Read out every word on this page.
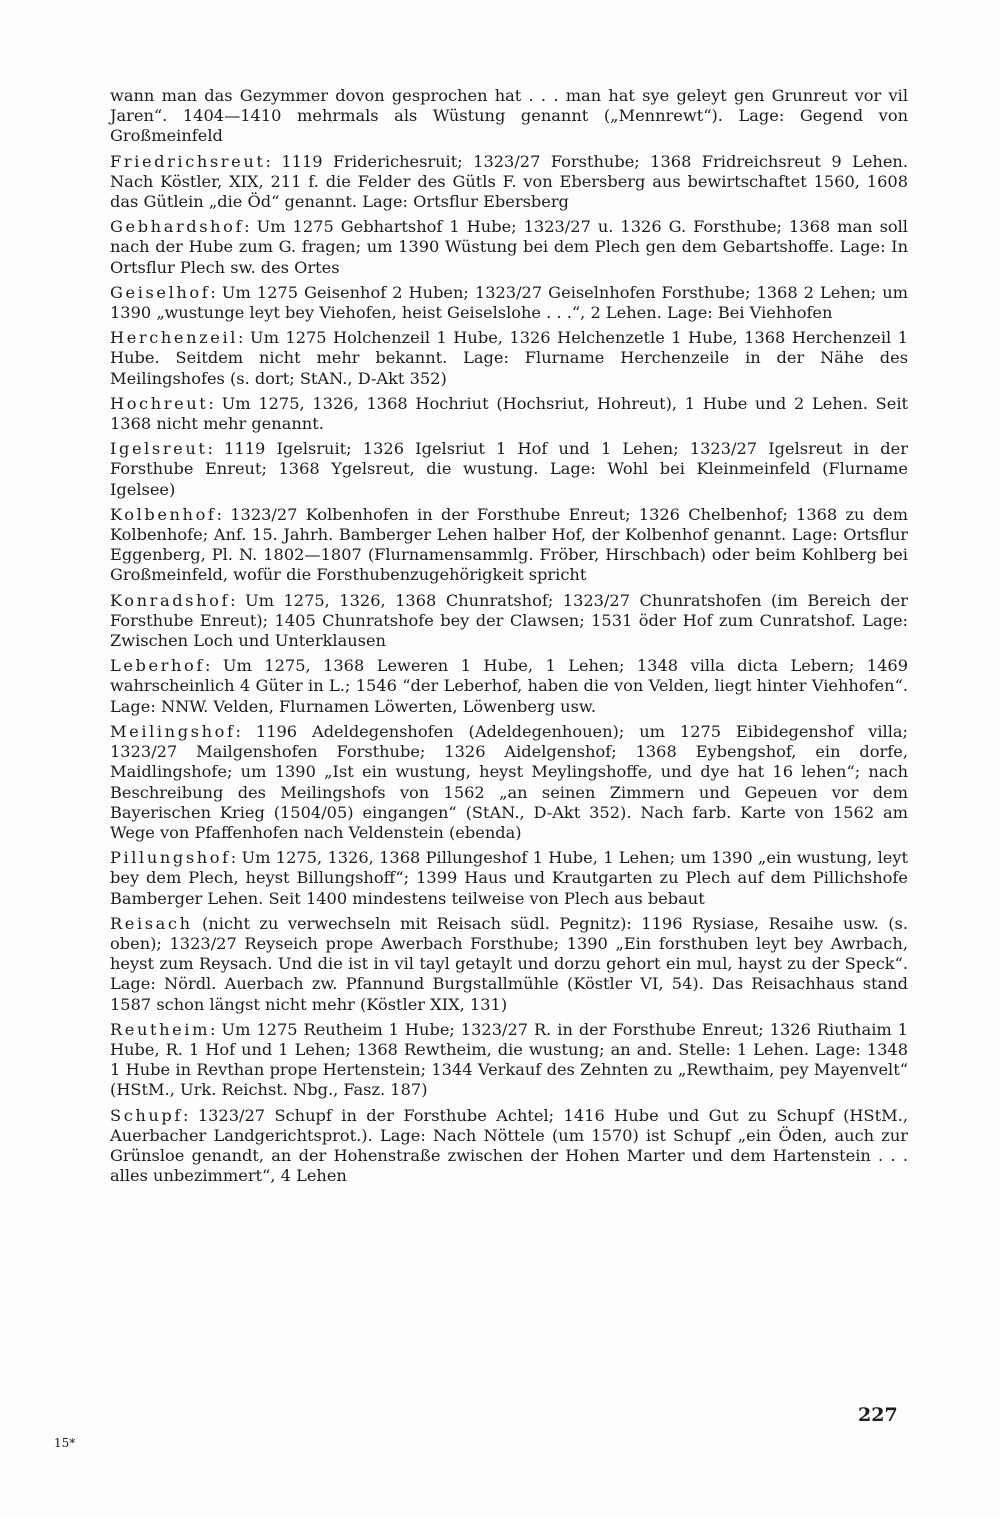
wann man das Gezymmer dovon gesprochen hat . . . man hat sye geleyt gen Grunreut vor vil Jaren“. 1404—1410 mehrmals als Wüstung genannt („Mennrewt“). Lage: Gegend von Großmeinfeld

Friedrichsreut: 1119 Friderichesruit; 1323/27 Forsthube; 1368 Fridreichsreut 9 Lehen. Nach Köstler, XIX, 211 f. die Felder des Gütls F. von Ebersberg aus bewirtschaftet 1560, 1608 das Gütlein „die Öd“ genannt. Lage: Ortsflur Ebersberg

Gebhardshof: Um 1275 Gebhartshof 1 Hube; 1323/27 u. 1326 G. Forsthube; 1368 man soll nach der Hube zum G. fragen; um 1390 Wüstung bei dem Plech gen dem Gebartshoffe. Lage: In Ortsflur Plech sw. des Ortes

Geiselhof: Um 1275 Geisenhof 2 Huben; 1323/27 Geiselnhofen Forsthube; 1368 2 Lehen; um 1390 „wustunge leyt bey Viehofen, heist Geiselslohe . . .“, 2 Lehen. Lage: Bei Viehhofen

Herchenzeil: Um 1275 Holchenzeil 1 Hube, 1326 Helchenzetle 1 Hube, 1368 Herchenzeil 1 Hube. Seitdem nicht mehr bekannt. Lage: Flurname Herchenzeile in der Nähe des Meilingshofes (s. dort; StAN., D-Akt 352)

Hochreut: Um 1275, 1326, 1368 Hochriut (Hochsriut, Hohreut), 1 Hube und 2 Lehen. Seit 1368 nicht mehr genannt.

Igelsreut: 1119 Igelsruit; 1326 Igelsriut 1 Hof und 1 Lehen; 1323/27 Igelsreut in der Forsthube Enreut; 1368 Ygelsreut, die wustung. Lage: Wohl bei Kleinmeinfeld (Flurname Igelsee)

Kolbenhof: 1323/27 Kolbenhofen in der Forsthube Enreut; 1326 Chelbenhof; 1368 zu dem Kolbenhofe; Anf. 15. Jahrh. Bamberger Lehen halber Hof, der Kolbenhof genannt. Lage: Ortsflur Eggenberg, Pl. N. 1802—1807 (Flurnamensammlg. Fröber, Hirschbach) oder beim Kohlberg bei Großmeinfeld, wofür die Forsthubenzugehörigkeit spricht

Konradshof: Um 1275, 1326, 1368 Chunratshof; 1323/27 Chunratshofen (im Bereich der Forsthube Enreut); 1405 Chunratshofe bey der Clawsen; 1531 öder Hof zum Cunratshof. Lage: Zwischen Loch und Unterklausen

Leberhof: Um 1275, 1368 Leweren 1 Hube, 1 Lehen; 1348 villa dicta Lebern; 1469 wahrscheinlich 4 Güter in L.; 1546 “der Leberhof, haben die von Velden, liegt hinter Viehhofen“. Lage: NNW. Velden, Flurnamen Löwerten, Löwenberg usw.

Meilingshof: 1196 Adeldegenshofen (Adeldegenhouen); um 1275 Eibidegenshof villa; 1323/27 Mailgenshofen Forsthube; 1326 Aidelgenshof; 1368 Eybengshof, ein dorfe, Maidlingshofe; um 1390 „Ist ein wustung, heyst Meylingshoffe, und dye hat 16 lehen“; nach Beschreibung des Meilingshofs von 1562 „an seinen Zimmern und Gepeuen vor dem Bayerischen Krieg (1504/05) eingangen“ (StAN., D-Akt 352). Nach farb. Karte von 1562 am Wege von Pfaffenhofen nach Veldenstein (ebenda)

Pillungshof: Um 1275, 1326, 1368 Pillungeshof 1 Hube, 1 Lehen; um 1390 „ein wustung, leyt bey dem Plech, heyst Billungshoff“; 1399 Haus und Krautgarten zu Plech auf dem Pillichshofe Bamberger Lehen. Seit 1400 mindestens teilweise von Plech aus bebaut

Reisach (nicht zu verwechseln mit Reisach südl. Pegnitz): 1196 Rysiase, Resaihe usw. (s. oben); 1323/27 Reyseich prope Awerbach Forsthube; 1390 „Ein forsthuben leyt bey Awrbach, heyst zum Reysach. Und die ist in vil tayl getaylt und dorzu gehort ein mul, hayst zu der Speck“. Lage: Nördl. Auerbach zw. Pfannund Burgstallmühle (Köstler VI, 54). Das Reisachhaus stand 1587 schon längst nicht mehr (Köstler XIX, 131)

Reutheim: Um 1275 Reutheim 1 Hube; 1323/27 R. in der Forsthube Enreut; 1326 Riuthaim 1 Hube, R. 1 Hof und 1 Lehen; 1368 Rewtheim, die wustung; an and. Stelle: 1 Lehen. Lage: 1348 1 Hube in Revthan prope Hertenstein; 1344 Verkauf des Zehnten zu „Rewthaim, pey Mayenvelt“ (HStM., Urk. Reichst. Nbg., Fasz. 187)

Schupf: 1323/27 Schupf in der Forsthube Achtel; 1416 Hube und Gut zu Schupf (HStM., Auerbacher Landgerichtsprot.). Lage: Nach Nöttele (um 1570) ist Schupf „ein Öden, auch zur Grünsloe genandt, an der Hohenstraße zwischen der Hohen Marter und dem Hartenstein . . . alles unbezimmert“, 4 Lehen

227
15*
